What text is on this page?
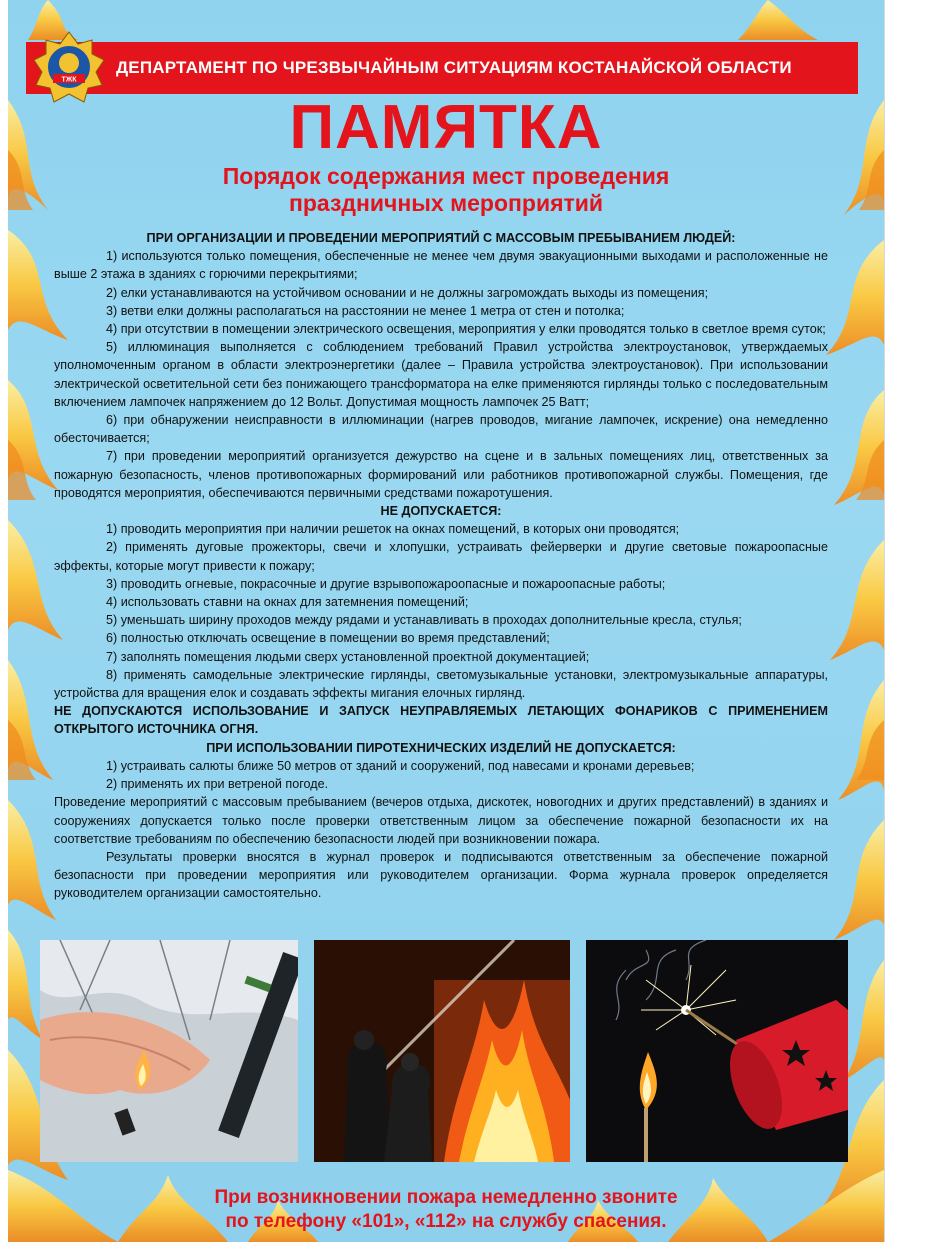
ДЕПАРТАМЕНТ ПО ЧРЕЗВЫЧАЙНЫМ СИТУАЦИЯМ КОСТАНАЙСКОЙ ОБЛАСТИ
ТЖК
ПАМЯТКА
Порядок содержания мест проведения
праздничных мероприятий

ПРИ ОРГАНИЗАЦИИ И ПРОВЕДЕНИИ МЕРОПРИЯТИЙ С МАССОВЫМ ПРЕБЫВАНИЕМ ЛЮДЕЙ:

1) используются только помещения, обеспеченные не менее чем двумя эвакуационными выходами и расположенные не выше 2 этажа в зданиях с горючими перекрытиями;

2) елки устанавливаются на устойчивом основании и не должны загромождать выходы из помещения;

3) ветви елки должны располагаться на расстоянии не менее 1 метра от стен и потолка;

4) при отсутствии в помещении электрического освещения, мероприятия у елки проводятся только в светлое время суток;

5) иллюминация выполняется с соблюдением требований Правил устройства электроустановок, утверждаемых уполномоченным органом в области электроэнергетики (далее – Правила устройства электроустановок). При использовании электрической осветительной сети без понижающего трансформатора на елке применяются гирлянды только с последовательным включением лампочек напряжением до 12 Вольт. Допустимая мощность лампочек 25 Ватт;

6) при обнаружении неисправности в иллюминации (нагрев проводов, мигание лампочек, искрение) она немедленно обесточивается;

7) при проведении мероприятий организуется дежурство на сцене и в зальных помещениях лиц, ответственных за пожарную безопасность, членов противопожарных формирований или работников противопожарной службы. Помещения, где проводятся мероприятия, обеспечиваются первичными средствами пожаротушения.

НЕ ДОПУСКАЕТСЯ:

1) проводить мероприятия при наличии решеток на окнах помещений, в которых они проводятся;

2) применять дуговые прожекторы, свечи и хлопушки, устраивать фейерверки и другие световые пожароопасные эффекты, которые могут привести к пожару;

3) проводить огневые, покрасочные и другие взрывопожароопасные и пожароопасные работы;

4) использовать ставни на окнах для затемнения помещений;

5) уменьшать ширину проходов между рядами и устанавливать в проходах дополнительные кресла, стулья;

6) полностью отключать освещение в помещении во время представлений;

7) заполнять помещения людьми сверх установленной проектной документацией;

8) применять самодельные электрические гирлянды, светомузыкальные установки, электромузыкальные аппаратуры, устройства для вращения елок и создавать эффекты мигания елочных гирлянд.

НЕ ДОПУСКАЮТСЯ ИСПОЛЬЗОВАНИЕ И ЗАПУСК НЕУПРАВЛЯЕМЫХ ЛЕТАЮЩИХ ФОНАРИКОВ С ПРИМЕНЕНИЕМ ОТКРЫТОГО ИСТОЧНИКА ОГНЯ.

ПРИ ИСПОЛЬЗОВАНИИ ПИРОТЕХНИЧЕСКИХ ИЗДЕЛИЙ НЕ ДОПУСКАЕТСЯ:

1) устраивать салюты ближе 50 метров от зданий и сооружений, под навесами и кронами деревьев;

2) применять их при ветреной погоде.

Проведение мероприятий с массовым пребыванием (вечеров отдыха, дискотек, новогодних и других представлений) в зданиях и сооружениях допускается только после проверки ответственным лицом за обеспечение пожарной безопасности их на соответствие требованиям по обеспечению безопасности людей при возникновении пожара.

Результаты проверки вносятся в журнал проверок и подписываются ответственным за обеспечение пожарной безопасности при проведении мероприятия или руководителем организации. Форма журнала проверок определяется руководителем организации самостоятельно.

При возникновении пожара немедленно звоните
по телефону «101», «112» на службу спасения.
